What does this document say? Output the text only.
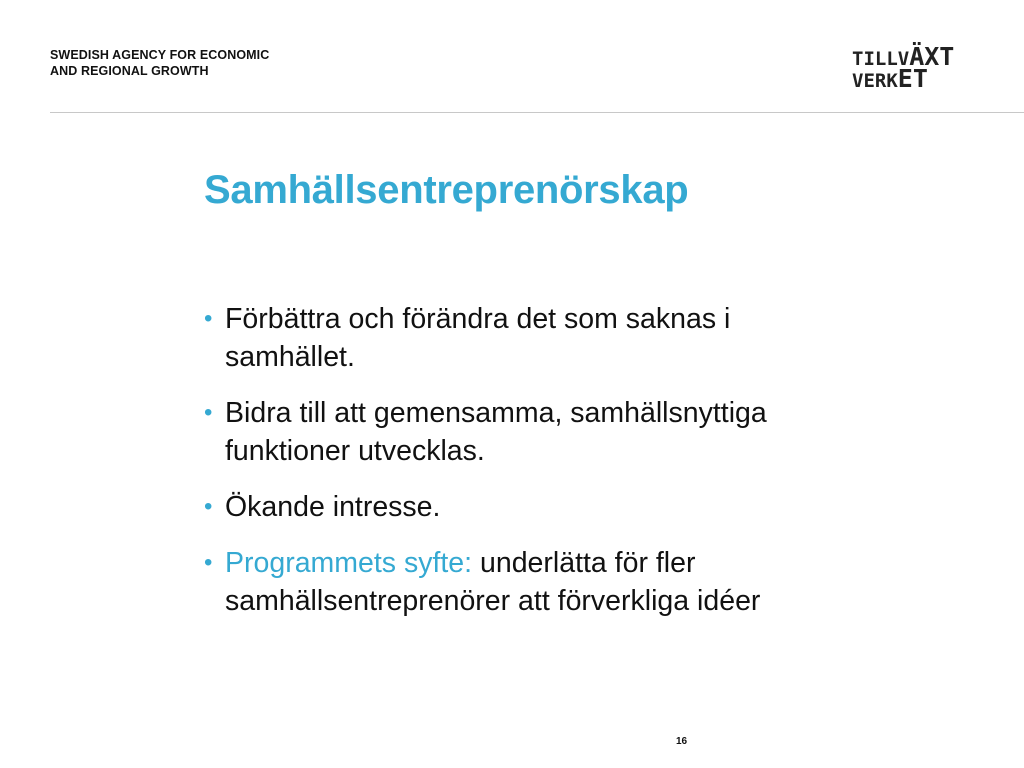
SWEDISH AGENCY FOR ECONOMIC
AND REGIONAL GROWTH
TILLVÄXT
VERKET
Samhällsentreprenörskap
• Förbättra och förändra det som saknas i
samhället.
• Bidra till att gemensamma, samhällsnyttiga
funktioner utvecklas.
• Ökande intresse.
• Programmets syfte: underlätta för fler
samhällsentreprenörer att förverkliga idéer
16
